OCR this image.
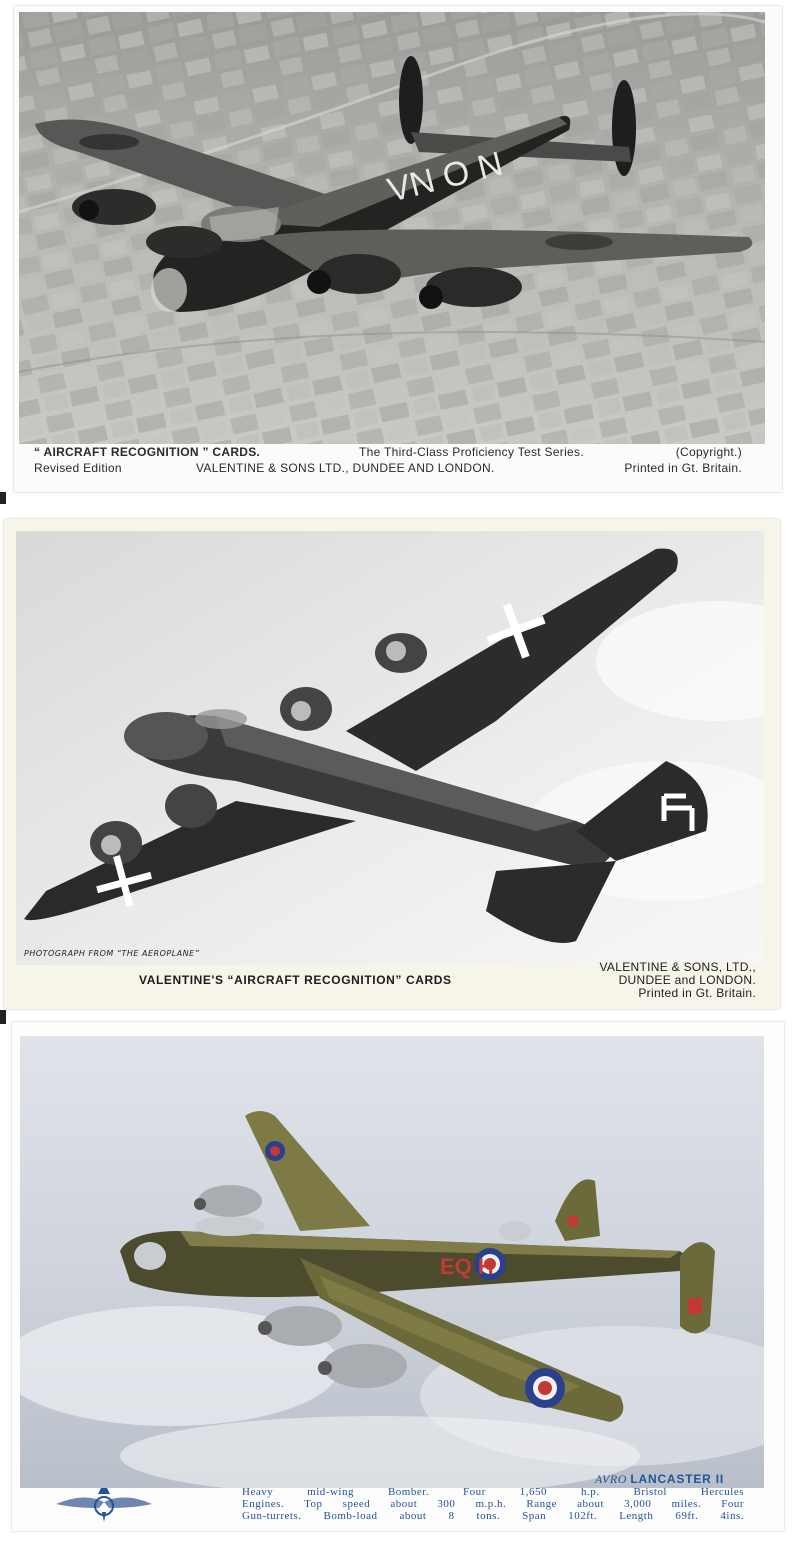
VN O N
“ AIRCRAFT RECOGNITION ” CARDS.	The Third-Class Proficiency Test Series.	(Copyright.)
Revised Edition	VALENTINE & SONS LTD., DUNDEE AND LONDON.	Printed in Gt. Britain.
PHOTOGRAPH FROM “THE AEROPLANE”
VALENTINE'S “AIRCRAFT RECOGNITION” CARDS
VALENTINE & SONS, LTD.,
DUNDEE and LONDON.
Printed in Gt. Britain.
EQ H
AVRO LANCASTER II
Heavy mid-wing Bomber. Four 1,650 h.p. Bristol Hercules
Engines. Top speed about 300 m.p.h. Range about 3,000 miles. Four
Gun-turrets. Bomb-load about 8 tons. Span 102ft. Length 69ft. 4ins.
